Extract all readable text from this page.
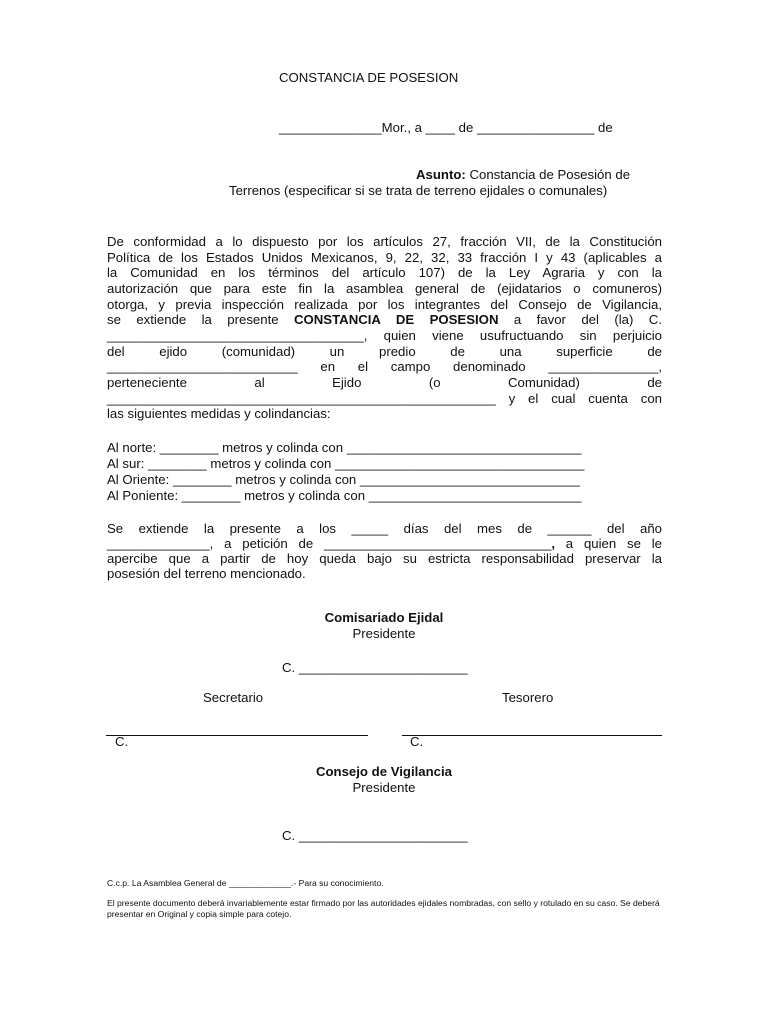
CONSTANCIA DE POSESION
______________Mor., a ____ de ________________ de
Asunto: Constancia de Posesión de
Terrenos (especificar si se trata de terreno ejidales o comunales)
De conformidad a lo dispuesto por los artículos 27, fracción VII, de la Constitución
Política de los Estados Unidos Mexicanos, 9, 22, 32, 33 fracción I y 43 (aplicables a
la Comunidad en los términos del artículo 107) de la Ley Agraria y con la
autorización que para este fin la asamblea general de (ejidatarios o comuneros)
otorga, y previa inspección realizada por los integrantes del Consejo de Vigilancia,
se extiende la presente CONSTANCIA DE POSESION a favor del (la) C.
___________________________________, quien viene usufructuando sin perjuicio
del ejido (comunidad) un predio de una superficie de
__________________________ en el campo denominado _______________,
perteneciente al Ejido (o Comunidad) de
_____________________________________________________ y el cual cuenta con
las siguientes medidas y colindancias:
Al norte: ________ metros y colinda con ________________________________
Al sur: ________ metros y colinda con __________________________________
Al Oriente: ________ metros y colinda con ______________________________
Al Poniente: ________ metros y colinda con _____________________________
Se extiende la presente a los _____ días del mes de ______ del año
______________, a petición de _______________________________, a quien se le
apercibe que a partir de hoy queda bajo su estricta responsabilidad preservar la
posesión del terreno mencionado.
Comisariado Ejidal
Presidente
C. _______________________
Secretario	Tesorero
C.	C.
Consejo de Vigilancia
Presidente
C. _______________________
C.c.p. La Asamblea General de _____________.- Para su conocimiento.
El presente documento deberá invariablemente estar firmado por las autoridades ejidales nombradas, con sello y rotulado en su caso. Se deberá presentar en Original y copia simple para cotejo.
